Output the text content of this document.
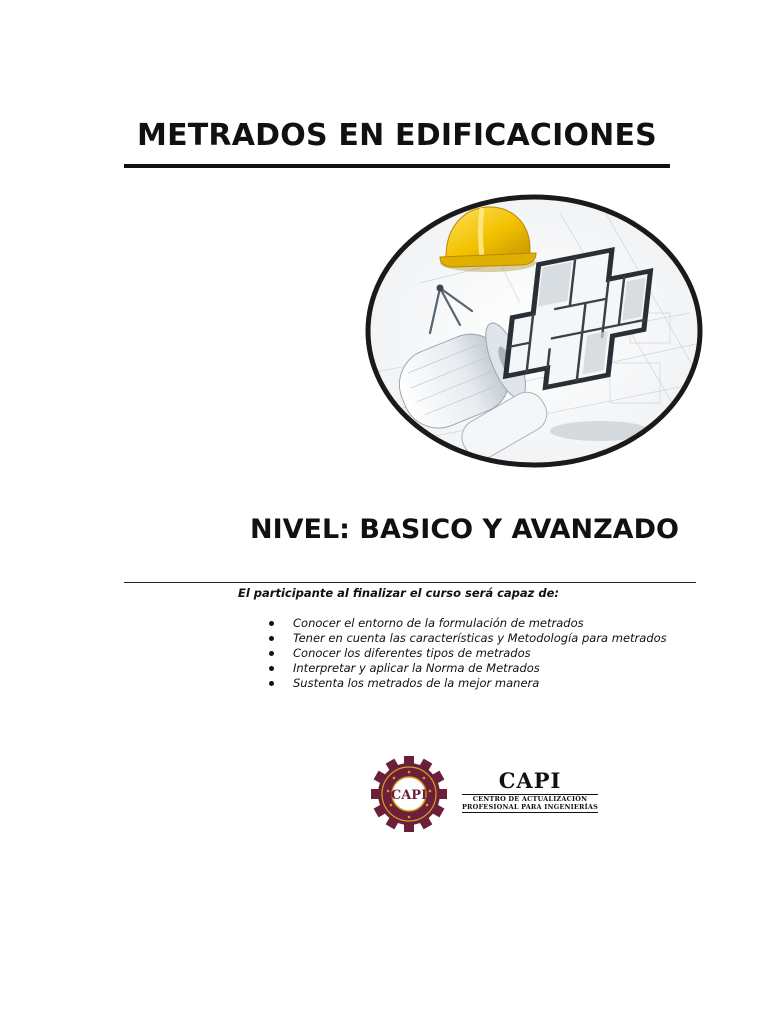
METRADOS EN EDIFICACIONES
NIVEL: BASICO Y AVANZADO
El participante al finalizar el curso será capaz de:
Conocer el entorno de la formulación de metrados
Tener en cuenta las características y Metodología para metrados
Conocer los diferentes tipos de metrados
Interpretar y aplicar la Norma de Metrados
Sustenta los metrados de la mejor manera
CAPI
CAPI
CENTRO DE ACTUALIZACIÓN
PROFESIONAL PARA INGENIERÍAS
